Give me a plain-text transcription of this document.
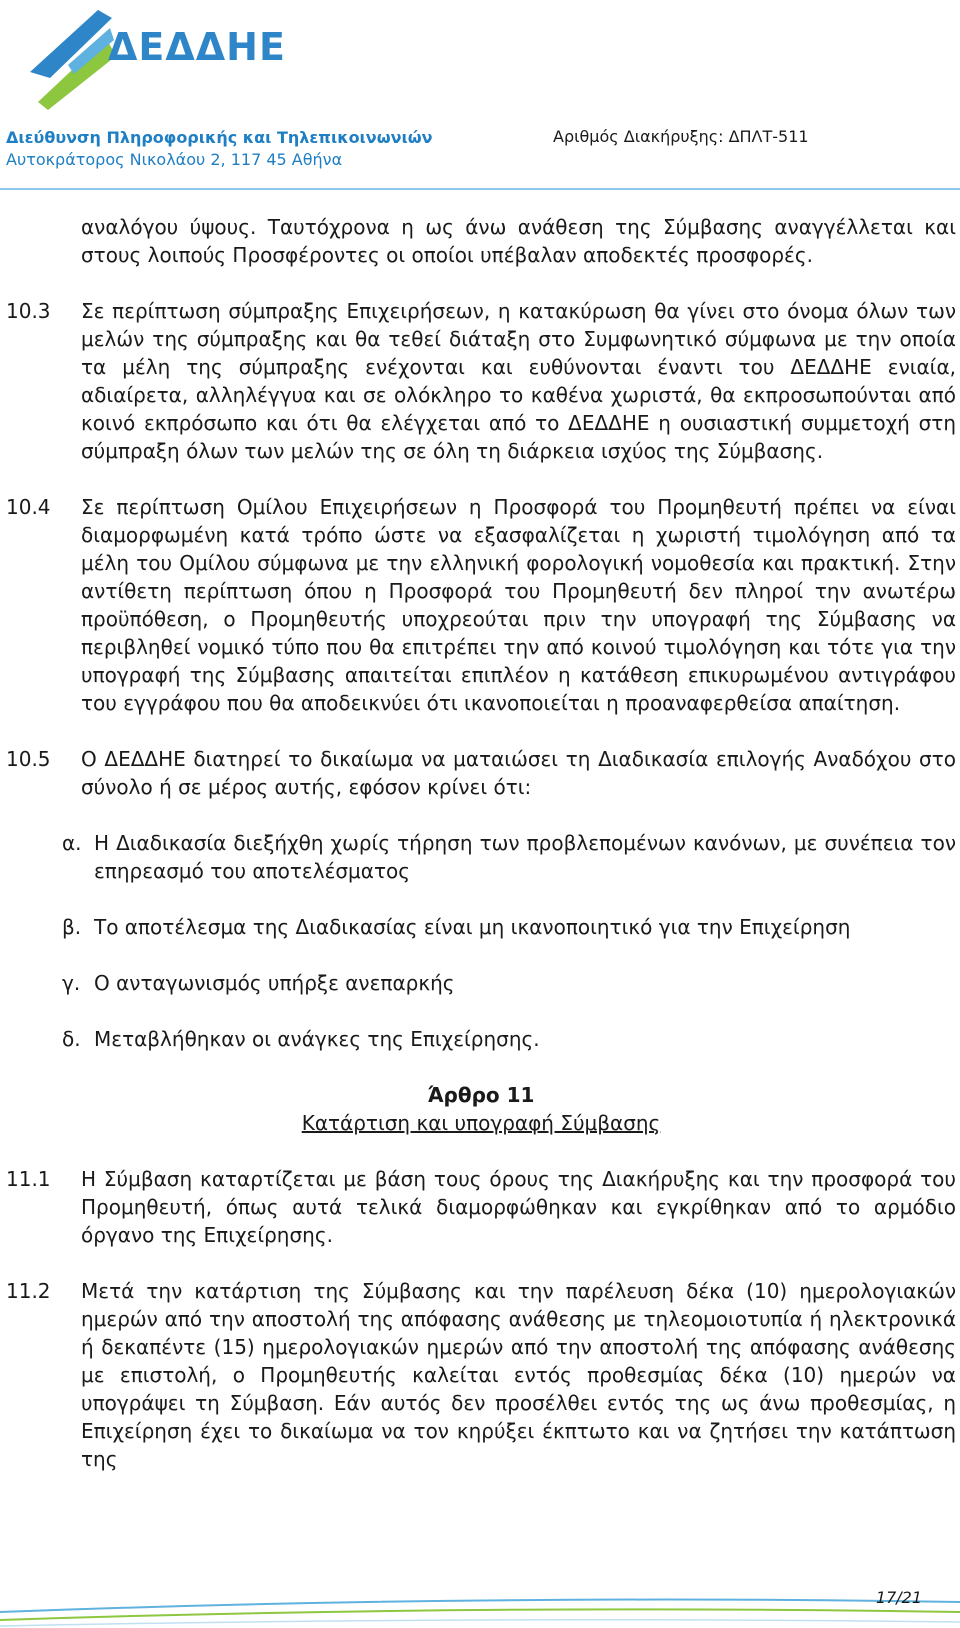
ΔΕΔΔΗΕ
Διεύθυνση Πληροφορικής και Τηλεπικοινωνιών
Αυτοκράτορος Νικολάου 2, 117 45 Αθήνα
Αριθμός Διακήρυξης: ΔΠΛΤ-511

αναλόγου ύψους. Ταυτόχρονα η ως άνω ανάθεση της Σύμβασης αναγγέλλεται και στους λοιπούς Προσφέροντες οι οποίοι υπέβαλαν αποδεκτές προσφορές.

10.3 Σε περίπτωση σύμπραξης Επιχειρήσεων, η κατακύρωση θα γίνει στο όνομα όλων των μελών της σύμπραξης και θα τεθεί διάταξη στο Συμφωνητικό σύμφωνα με την οποία τα μέλη της σύμπραξης ενέχονται και ευθύνονται έναντι του ΔΕΔΔΗΕ ενιαία, αδιαίρετα, αλληλέγγυα και σε ολόκληρο το καθένα χωριστά, θα εκπροσωπούνται από κοινό εκπρόσωπο και ότι θα ελέγχεται από το ΔΕΔΔΗΕ η ουσιαστική συμμετοχή στη σύμπραξη όλων των μελών της σε όλη τη διάρκεια ισχύος της Σύμβασης.

10.4 Σε περίπτωση Ομίλου Επιχειρήσεων η Προσφορά του Προμηθευτή πρέπει να είναι διαμορφωμένη κατά τρόπο ώστε να εξασφαλίζεται η χωριστή τιμολόγηση από τα μέλη του Ομίλου σύμφωνα με την ελληνική φορολογική νομοθεσία και πρακτική. Στην αντίθετη περίπτωση όπου η Προσφορά του Προμηθευτή δεν πληροί την ανωτέρω προϋπόθεση, ο Προμηθευτής υποχρεούται πριν την υπογραφή της Σύμβασης να περιβληθεί νομικό τύπο που θα επιτρέπει την από κοινού τιμολόγηση και τότε για την υπογραφή της Σύμβασης απαιτείται επιπλέον η κατάθεση επικυρωμένου αντιγράφου του εγγράφου που θα αποδεικνύει ότι ικανοποιείται η προαναφερθείσα απαίτηση.

10.5 Ο ΔΕΔΔΗΕ διατηρεί το δικαίωμα να ματαιώσει τη Διαδικασία επιλογής Αναδόχου στο σύνολο ή σε μέρος αυτής, εφόσον κρίνει ότι:

α. Η Διαδικασία διεξήχθη χωρίς τήρηση των προβλεπομένων κανόνων, με συνέπεια τον επηρεασμό του αποτελέσματος

β. Το αποτέλεσμα της Διαδικασίας είναι μη ικανοποιητικό για την Επιχείρηση

γ. Ο ανταγωνισμός υπήρξε ανεπαρκής

δ. Μεταβλήθηκαν οι ανάγκες της Επιχείρησης.

Άρθρο 11

Κατάρτιση και υπογραφή Σύμβασης

11.1 Η Σύμβαση καταρτίζεται με βάση τους όρους της Διακήρυξης και την προσφορά του Προμηθευτή, όπως αυτά τελικά διαμορφώθηκαν και εγκρίθηκαν από το αρμόδιο όργανο της Επιχείρησης.

11.2 Μετά την κατάρτιση της Σύμβασης και την παρέλευση δέκα (10) ημερολογιακών ημερών από την αποστολή της απόφασης ανάθεσης με τηλεομοιοτυπία ή ηλεκτρονικά ή δεκαπέντε (15) ημερολογιακών ημερών από την αποστολή της απόφασης ανάθεσης με επιστολή, ο Προμηθευτής καλείται εντός προθεσμίας δέκα (10) ημερών να υπογράψει τη Σύμβαση. Εάν αυτός δεν προσέλθει εντός της ως άνω προθεσμίας, η Επιχείρηση έχει το δικαίωμα να τον κηρύξει έκπτωτο και να ζητήσει την κατάπτωση της

17/21
